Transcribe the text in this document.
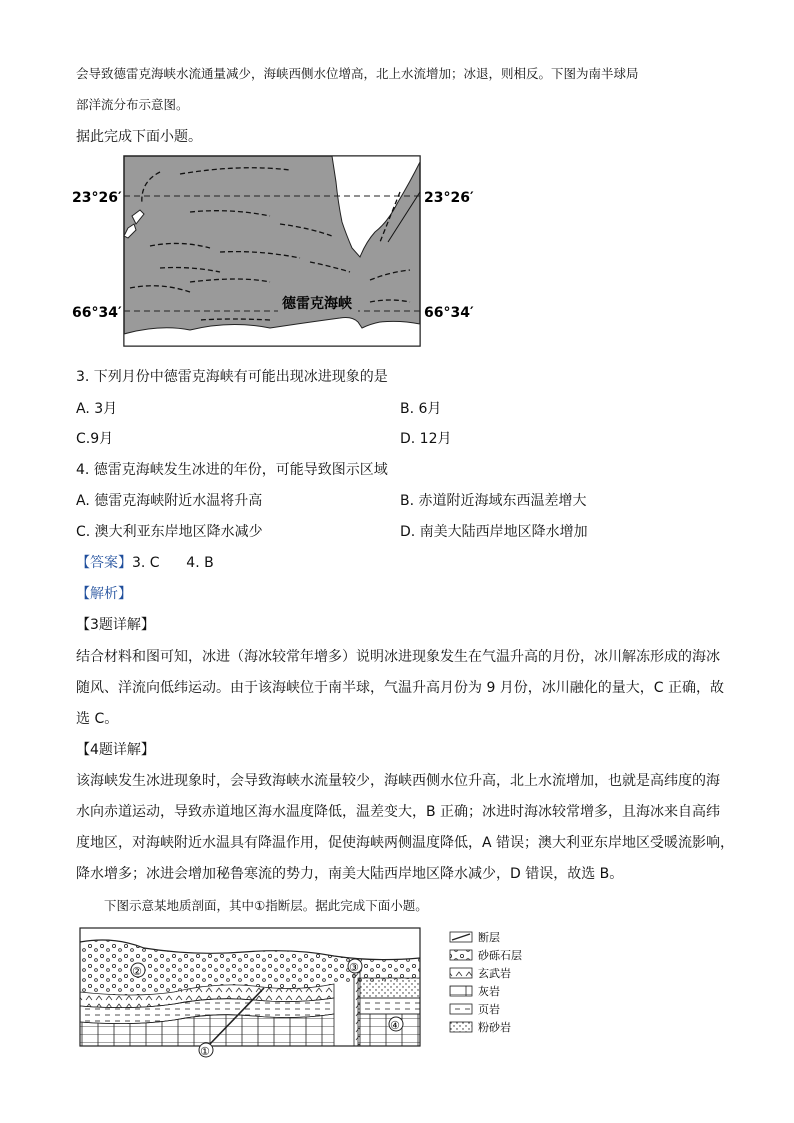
会导致德雷克海峡水流通量减少，海峡西侧水位增高，北上水流增加；冰退，则相反。下图为南半球局
部洋流分布示意图。
据此完成下面小题。
23°26′	23°26′
66°34′	66°34′
德雷克海峡
3. 下列月份中德雷克海峡有可能出现冰进现象的是
A. 3月	B. 6月
C.9月	D. 12月
4. 德雷克海峡发生冰进的年份，可能导致图示区域
A. 德雷克海峡附近水温将升高	B. 赤道附近海域东西温差增大
C. 澳大利亚东岸地区降水减少	D. 南美大陆西岸地区降水增加
【答案】3. C      4. B
【解析】
【3题详解】
结合材料和图可知，冰进（海冰较常年增多）说明冰进现象发生在气温升高的月份，冰川解冻形成的海冰
随风、洋流向低纬运动。由于该海峡位于南半球，气温升高月份为 9 月份，冰川融化的量大，C 正确，故
选 C。
【4题详解】
该海峡发生冰进现象时，会导致海峡水流量较少，海峡西侧水位升高，北上水流增加，也就是高纬度的海
水向赤道运动，导致赤道地区海水温度降低，温差变大，B 正确；冰进时海冰较常增多，且海冰来自高纬
度地区，对海峡附近水温具有降温作用，促使海峡两侧温度降低，A 错误；澳大利亚东岸地区受暖流影响，
降水增多；冰进会增加秘鲁寒流的势力，南美大陆西岸地区降水减少，D 错误，故选 B。
下图示意某地质剖面，其中①指断层。据此完成下面小题。
②	③
④
①
断层
砂砾石层
玄武岩
灰岩
页岩
粉砂岩
